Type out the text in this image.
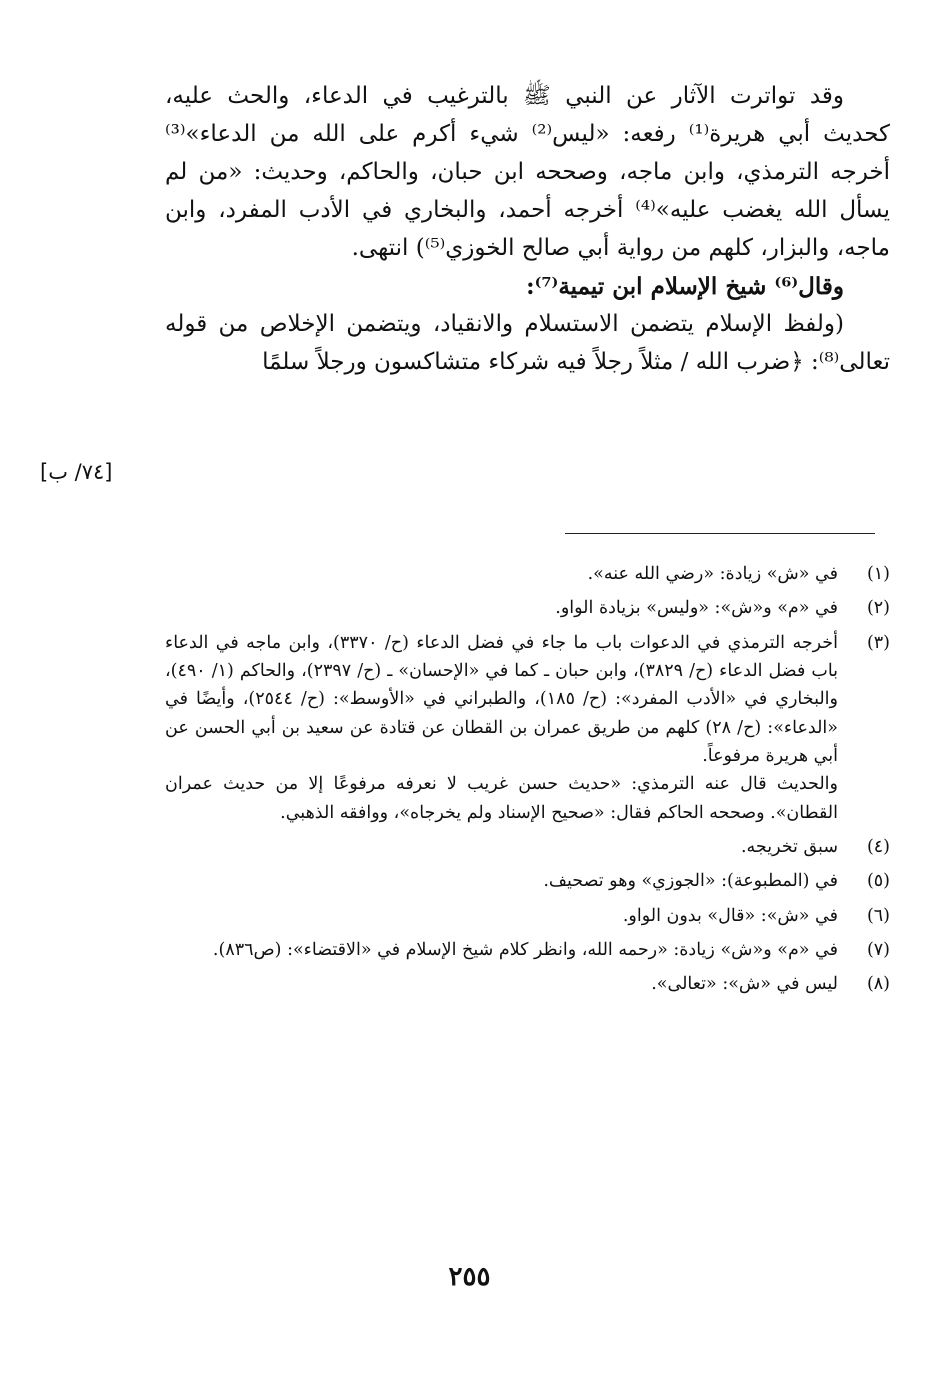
وقد تواترت الآثار عن النبي ﷺ بالترغيب في الدعاء، والحث عليه، كحديث أبي هريرة⁽¹⁾ رفعه: «ليس⁽²⁾ شيء أكرم على الله من الدعاء»⁽³⁾أخرجه الترمذي، وابن ماجه، وصححه ابن حبان، والحاكم، وحديث: «من لم يسأل الله يغضب عليه»⁽⁴⁾ أخرجه أحمد، والبخاري في الأدب المفرد، وابن ماجه، والبزار، كلهم من رواية أبي صالح الخوزي⁽⁵⁾) انتهى.

وقال⁽⁶⁾ شيخ الإسلام ابن تيمية⁽⁷⁾:

(ولفظ الإسلام يتضمن الاستسلام والانقياد، ويتضمن الإخلاص من قوله تعالى⁽⁸⁾: ﴿ضرب الله / مثلاً رجلاً فيه شركاء متشاكسون ورجلاً سلمًا

[٧٤/ ب]
(١)
في «ش» زيادة: «رضي الله عنه».
(٢)
في «م» و«ش»: «وليس» بزيادة الواو.
(٣)
أخرجه الترمذي في الدعوات باب ما جاء في فضل الدعاء (ح/ ٣٣٧٠)، وابن ماجه في الدعاء باب فضل الدعاء (ح/ ٣٨٢٩)، وابن حبان ـ كما في «الإحسان» ـ (ح/ ٢٣٩٧)، والحاكم (١/ ٤٩٠)، والبخاري في «الأدب المفرد»: (ح/ ١٨٥)، والطبراني في «الأوسط»: (ح/ ٢٥٤٤)، وأيضًا في «الدعاء»: (ح/ ٢٨) كلهم من طريق عمران بن القطان عن قتادة عن سعيد بن أبي الحسن عن أبي هريرة مرفوعاً.
والحديث قال عنه الترمذي: «حديث حسن غريب لا نعرفه مرفوعًا إلا من حديث عمران القطان». وصححه الحاكم فقال: «صحيح الإسناد ولم يخرجاه»، ووافقه الذهبي.
(٤)
سبق تخريجه.
(٥)
في (المطبوعة): «الجوزي» وهو تصحيف.
(٦)
في «ش»: «قال» بدون الواو.
(٧)
في «م» و«ش» زيادة: «رحمه الله، وانظر كلام شيخ الإسلام في «الاقتضاء»: (ص٨٣٦).
(٨)
ليس في «ش»: «تعالى».
٢٥٥
